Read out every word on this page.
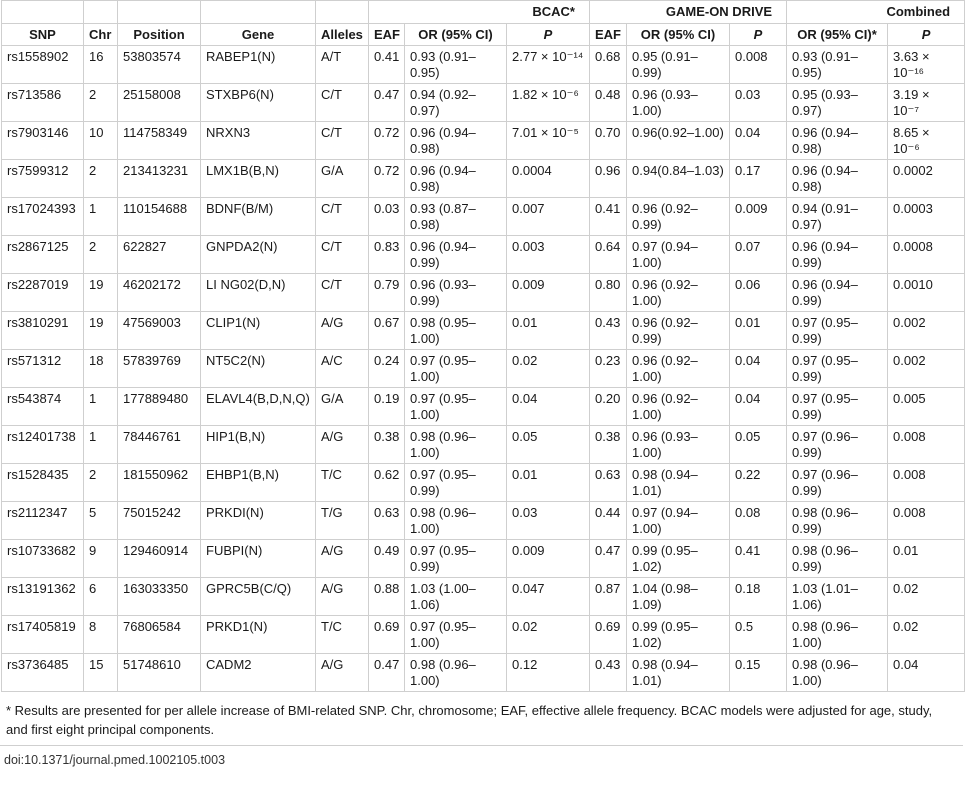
					BCAC*			GAME-ON DRIVE			Combined	
SNP	Chr	Position	Gene	Alleles	EAF	OR (95% CI)	P	EAF	OR (95% CI)	P	OR (95% CI)*	P
rs1558902	16	53803574	RABEP1(N)	A/T	0.41	0.93 (0.91–0.95)	2.77 × 10⁻¹⁴	0.68	0.95 (0.91–0.99)	0.008	0.93 (0.91–0.95)	3.63 × 10⁻¹⁶
rs713586	2	25158008	STXBP6(N)	C/T	0.47	0.94 (0.92–0.97)	1.82 × 10⁻⁶	0.48	0.96 (0.93–1.00)	0.03	0.95 (0.93–0.97)	3.19 × 10⁻⁷
rs7903146	10	114758349	NRXN3	C/T	0.72	0.96 (0.94–0.98)	7.01 × 10⁻⁵	0.70	0.96(0.92–1.00)	0.04	0.96 (0.94–0.98)	8.65 × 10⁻⁶
rs7599312	2	213413231	LMX1B(B,N)	G/A	0.72	0.96 (0.94–0.98)	0.0004	0.96	0.94(0.84–1.03)	0.17	0.96 (0.94–0.98)	0.0002
rs17024393	1	110154688	BDNF(B/M)	C/T	0.03	0.93 (0.87–0.98)	0.007	0.41	0.96 (0.92–0.99)	0.009	0.94 (0.91–0.97)	0.0003
rs2867125	2	622827	GNPDA2(N)	C/T	0.83	0.96 (0.94–0.99)	0.003	0.64	0.97 (0.94–1.00)	0.07	0.96 (0.94–0.99)	0.0008
rs2287019	19	46202172	LI NG02(D,N)	C/T	0.79	0.96 (0.93–0.99)	0.009	0.80	0.96 (0.92–1.00)	0.06	0.96 (0.94–0.99)	0.0010
rs3810291	19	47569003	CLIP1(N)	A/G	0.67	0.98 (0.95–1.00)	0.01	0.43	0.96 (0.92–0.99)	0.01	0.97 (0.95–0.99)	0.002
rs571312	18	57839769	NT5C2(N)	A/C	0.24	0.97 (0.95–1.00)	0.02	0.23	0.96 (0.92–1.00)	0.04	0.97 (0.95–0.99)	0.002
rs543874	1	177889480	ELAVL4(B,D,N,Q)	G/A	0.19	0.97 (0.95–1.00)	0.04	0.20	0.96 (0.92–1.00)	0.04	0.97 (0.95–0.99)	0.005
rs12401738	1	78446761	HIP1(B,N)	A/G	0.38	0.98 (0.96–1.00)	0.05	0.38	0.96 (0.93–1.00)	0.05	0.97 (0.96–0.99)	0.008
rs1528435	2	181550962	EHBP1(B,N)	T/C	0.62	0.97 (0.95–0.99)	0.01	0.63	0.98 (0.94–1.01)	0.22	0.97 (0.96–0.99)	0.008
rs2112347	5	75015242	PRKDI(N)	T/G	0.63	0.98 (0.96–1.00)	0.03	0.44	0.97 (0.94–1.00)	0.08	0.98 (0.96–0.99)	0.008
rs10733682	9	129460914	FUBPI(N)	A/G	0.49	0.97 (0.95–0.99)	0.009	0.47	0.99 (0.95–1.02)	0.41	0.98 (0.96–0.99)	0.01
rs13191362	6	163033350	GPRC5B(C/Q)	A/G	0.88	1.03 (1.00–1.06)	0.047	0.87	1.04 (0.98–1.09)	0.18	1.03 (1.01–1.06)	0.02
rs17405819	8	76806584	PRKD1(N)	T/C	0.69	0.97 (0.95–1.00)	0.02	0.69	0.99 (0.95–1.02)	0.5	0.98 (0.96–1.00)	0.02
rs3736485	15	51748610	CADM2	A/G	0.47	0.98 (0.96–1.00)	0.12	0.43	0.98 (0.94–1.01)	0.15	0.98 (0.96–1.00)	0.04
* Results are presented for per allele increase of BMI-related SNP. Chr, chromosome; EAF, effective allele frequency. BCAC models were adjusted for age, study, and first eight principal components.
doi:10.1371/journal.pmed.1002105.t003
